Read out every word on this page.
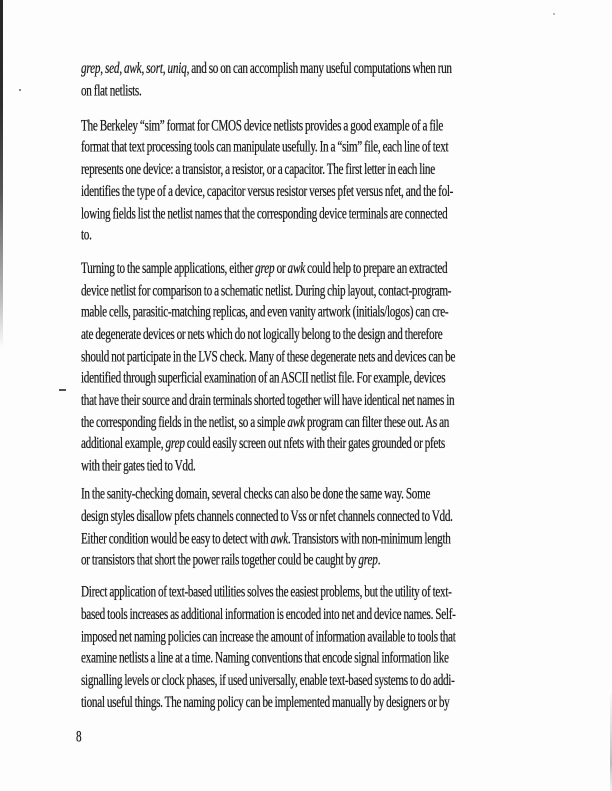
grep, sed, awk, sort, uniq, and so on can accomplish many useful computations when run
on flat netlists.
The Berkeley “sim” format for CMOS device netlists provides a good example of a file
format that text processing tools can manipulate usefully. In a “sim” file, each line of text
represents one device: a transistor, a resistor, or a capacitor. The first letter in each line
identifies the type of a device, capacitor versus resistor verses pfet versus nfet, and the fol-
lowing fields list the netlist names that the corresponding device terminals are connected
to.
Turning to the sample applications, either grep or awk could help to prepare an extracted
device netlist for comparison to a schematic netlist. During chip layout, contact-program-
mable cells, parasitic-matching replicas, and even vanity artwork (initials/logos) can cre-
ate degenerate devices or nets which do not logically belong to the design and therefore
should not participate in the LVS check. Many of these degenerate nets and devices can be
identified through superficial examination of an ASCII netlist file. For example, devices
that have their source and drain terminals shorted together will have identical net names in
the corresponding fields in the netlist, so a simple awk program can filter these out. As an
additional example, grep could easily screen out nfets with their gates grounded or pfets
with their gates tied to Vdd.
In the sanity-checking domain, several checks can also be done the same way. Some
design styles disallow pfets channels connected to Vss or nfet channels connected to Vdd.
Either condition would be easy to detect with awk. Transistors with non-minimum length
or transistors that short the power rails together could be caught by grep.
Direct application of text-based utilities solves the easiest problems, but the utility of text-
based tools increases as additional information is encoded into net and device names. Self-
imposed net naming policies can increase the amount of information available to tools that
examine netlists a line at a time. Naming conventions that encode signal information like
signalling levels or clock phases, if used universally, enable text-based systems to do addi-
tional useful things. The naming policy can be implemented manually by designers or by
8
